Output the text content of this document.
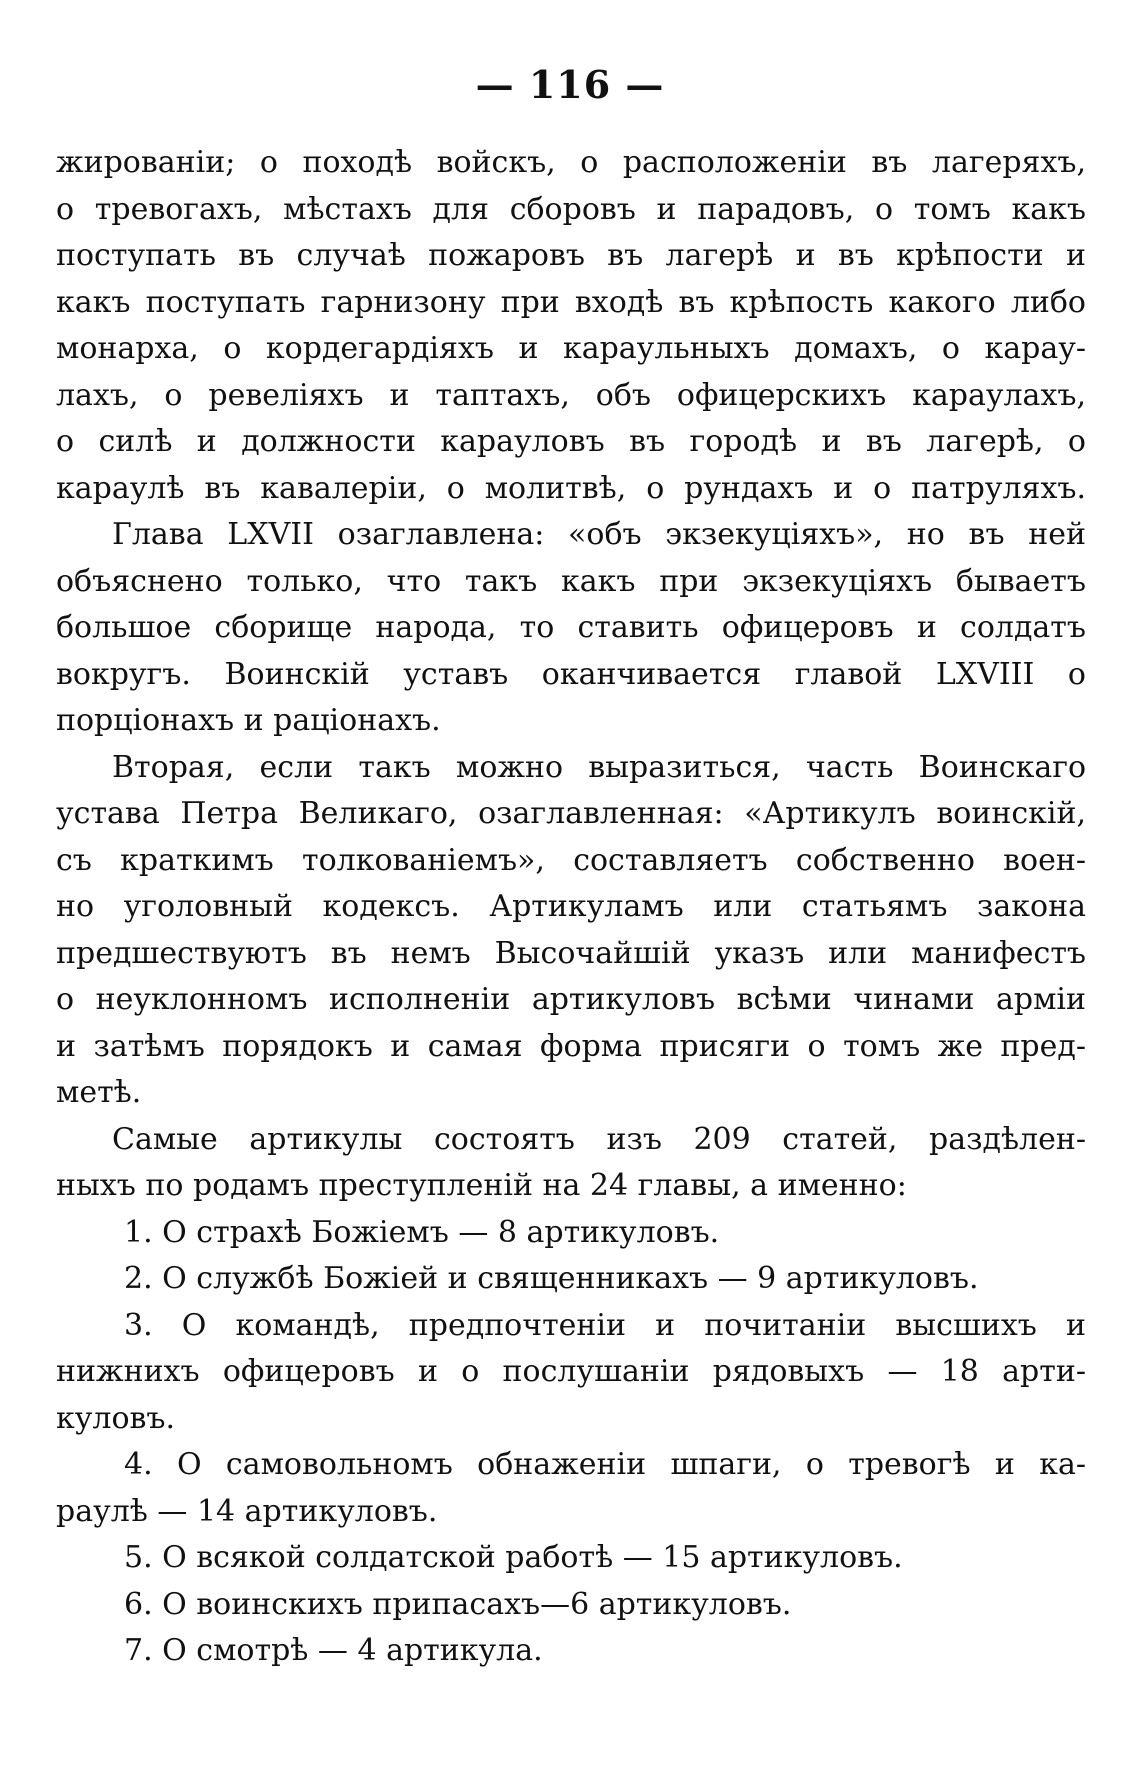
— 116 —
жированіи; о походѣ войскъ, о расположеніи въ лагеряхъ,
о тревогахъ, мѣстахъ для сборовъ и парадовъ, о томъ какъ
поступать въ случаѣ пожаровъ въ лагерѣ и въ крѣпости и
какъ поступать гарнизону при входѣ въ крѣпость какого либо
монарха, о кордегардіяхъ и караульныхъ домахъ, о карау-
лахъ, о ревеліяхъ и таптахъ, объ офицерскихъ караулахъ,
о силѣ и должности карауловъ въ городѣ и въ лагерѣ, о
караулѣ въ кавалеріи, о молитвѣ, о рундахъ и о патруляхъ.
Глава LXVII озаглавлена: «объ экзекуціяхъ», но въ ней
объяснено только, что такъ какъ при экзекуціяхъ бываетъ
большое сборище народа, то ставить офицеровъ и солдатъ
вокругъ. Воинскій уставъ оканчивается главой LXVIII о
порціонахъ и раціонахъ.
Вторая, если такъ можно выразиться, часть Воинскаго
устава Петра Великаго, озаглавленная: «Артикулъ воинскій,
съ краткимъ толкованіемъ», составляетъ собственно воен-
но уголовный кодексъ. Артикуламъ или статьямъ закона
предшествуютъ въ немъ Высочайшій указъ или манифестъ
о неуклонномъ исполненіи артикуловъ всѣми чинами арміи
и затѣмъ порядокъ и самая форма присяги о томъ же пред-
метѣ.
Самые артикулы состоятъ изъ 209 статей, раздѣлен-
ныхъ по родамъ преступленій на 24 главы, а именно:
1. О страхѣ Божіемъ — 8 артикуловъ.
2. О службѣ Божіей и священникахъ — 9 артикуловъ.
3. О командѣ, предпочтеніи и почитаніи высшихъ и
нижнихъ офицеровъ и о послушаніи рядовыхъ — 18 арти-
куловъ.
4. О самовольномъ обнаженіи шпаги, о тревогѣ и ка-
раулѣ — 14 артикуловъ.
5. О всякой солдатской работѣ — 15 артикуловъ.
6. О воинскихъ припасахъ—6 артикуловъ.
7. О смотрѣ — 4 артикула.
